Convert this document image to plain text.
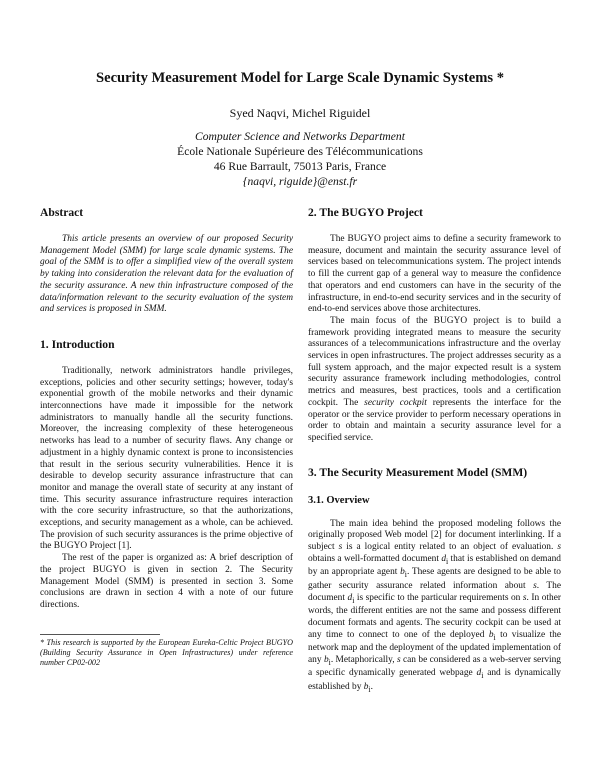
Security Measurement Model for Large Scale Dynamic Systems *
Syed Naqvi, Michel Riguidel
Computer Science and Networks Department
École Nationale Supérieure des Télécommunications
46 Rue Barrault, 75013 Paris, France
{naqvi, riguide}@enst.fr
Abstract

This article presents an overview of our proposed Security Management Model (SMM) for large scale dynamic systems. The goal of the SMM is to offer a simplified view of the overall system by taking into consideration the relevant data for the evaluation of the security assurance. A new thin infrastructure composed of the data/information relevant to the security evaluation of the system and services is proposed in SMM.

1. Introduction

Traditionally, network administrators handle privileges, exceptions, policies and other security settings; however, today's exponential growth of the mobile networks and their dynamic interconnections have made it impossible for the network administrators to manually handle all the security functions. Moreover, the increasing complexity of these heterogeneous networks has lead to a number of security flaws. Any change or adjustment in a highly dynamic context is prone to inconsistencies that result in the serious security vulnerabilities. Hence it is desirable to develop security assurance infrastructure that can monitor and manage the overall state of security at any instant of time. This security assurance infrastructure requires interaction with the core security infrastructure, so that the authorizations, exceptions, and security management as a whole, can be achieved. The provision of such security assurances is the prime objective of the BUGYO Project [1].

The rest of the paper is organized as: A brief description of the project BUGYO is given in section 2. The Security Management Model (SMM) is presented in section 3. Some conclusions are drawn in section 4 with a note of our future directions.

* This research is supported by the European Eureka-Celtic Project BUGYO (Building Security Assurance in Open Infrastructures) under reference number CP02-002
2. The BUGYO Project

The BUGYO project aims to define a security framework to measure, document and maintain the security assurance level of services based on telecommunications system. The project intends to fill the current gap of a general way to measure the confidence that operators and end customers can have in the security of the infrastructure, in end-to-end security services and in the security of end-to-end services above those architectures.

The main focus of the BUGYO project is to build a framework providing integrated means to measure the security assurances of a telecommunications infrastructure and the overlay services in open infrastructures. The project addresses security as a full system approach, and the major expected result is a system security assurance framework including methodologies, control metrics and measures, best practices, tools and a certification cockpit. The security cockpit represents the interface for the operator or the service provider to perform necessary operations in order to obtain and maintain a security assurance level for a specified service.

3. The Security Measurement Model (SMM)
3.1. Overview

The main idea behind the proposed modeling follows the originally proposed Web model [2] for document interlinking. If a subject s is a logical entity related to an object of evaluation. s obtains a well-formatted document $d_i$ that is established on demand by an appropriate agent $b_i$. These agents are designed to be able to gather security assurance related information about s. The document $d_i$ is specific to the particular requirements on s. In other words, the different entities are not the same and possess different document formats and agents. The security cockpit can be used at any time to connect to one of the deployed $b_i$ to visualize the network map and the deployment of the updated implementation of any $b_i$. Metaphorically, s can be considered as a web-server serving a specific dynamically generated webpage $d_i$ and is dynamically established by $b_i$.
